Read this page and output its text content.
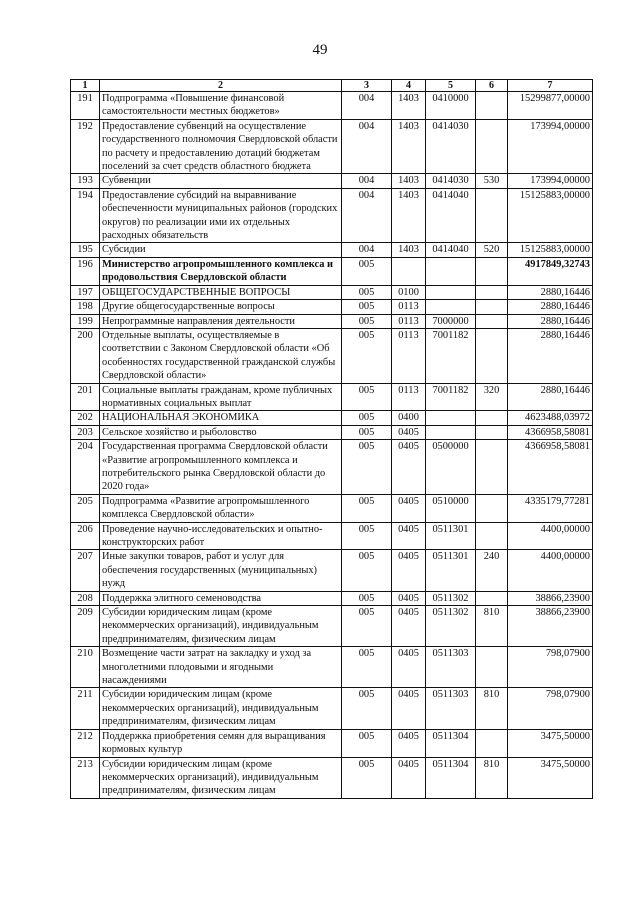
49
1	2	3	4	5	6	7
191	Подпрограмма «Повышение финансовой самостоятельности местных бюджетов»	004	1403	0410000		15299877,00000
192	Предоставление субвенций на осуществление государственного полномочия Свердловской области по расчету и предоставлению дотаций бюджетам поселений за счет средств областного бюджета	004	1403	0414030		173994,00000
193	Субвенции	004	1403	0414030	530	173994,00000
194	Предоставление субсидий на выравнивание обеспеченности муниципальных районов (городских округов) по реализации ими их отдельных расходных обязательств	004	1403	0414040		15125883,00000
195	Субсидии	004	1403	0414040	520	15125883,00000
196	Министерство агропромышленного комплекса и продовольствия Свердловской области	005				4917849,32743
197	ОБЩЕГОСУДАРСТВЕННЫЕ ВОПРОСЫ	005	0100			2880,16446
198	Другие общегосударственные вопросы	005	0113			2880,16446
199	Непрограммные направления деятельности	005	0113	7000000		2880,16446
200	Отдельные выплаты, осуществляемые в соответствии с Законом Свердловской области «Об особенностях государственной гражданской службы Свердловской области»	005	0113	7001182		2880,16446
201	Социальные выплаты гражданам, кроме публичных нормативных социальных выплат	005	0113	7001182	320	2880,16446
202	НАЦИОНАЛЬНАЯ ЭКОНОМИКА	005	0400			4623488,03972
203	Сельское хозяйство и рыболовство	005	0405			4366958,58081
204	Государственная программа Свердловской области «Развитие агропромышленного комплекса и потребительского рынка Свердловской области до 2020 года»	005	0405	0500000		4366958,58081
205	Подпрограмма «Развитие агропромышленного комплекса Свердловской области»	005	0405	0510000		4335179,77281
206	Проведение научно-исследовательских и опытно-конструкторских работ	005	0405	0511301		4400,00000
207	Иные закупки товаров, работ и услуг для обеспечения государственных (муниципальных) нужд	005	0405	0511301	240	4400,00000
208	Поддержка элитного семеноводства	005	0405	0511302		38866,23900
209	Субсидии юридическим лицам (кроме некоммерческих организаций), индивидуальным предпринимателям, физическим лицам	005	0405	0511302	810	38866,23900
210	Возмещение части затрат на закладку и уход за многолетними плодовыми и ягодными насаждениями	005	0405	0511303		798,07900
211	Субсидии юридическим лицам (кроме некоммерческих организаций), индивидуальным предпринимателям, физическим лицам	005	0405	0511303	810	798,07900
212	Поддержка приобретения семян для выращивания кормовых культур	005	0405	0511304		3475,50000
213	Субсидии юридическим лицам (кроме некоммерческих организаций), индивидуальным предпринимателям, физическим лицам	005	0405	0511304	810	3475,50000
